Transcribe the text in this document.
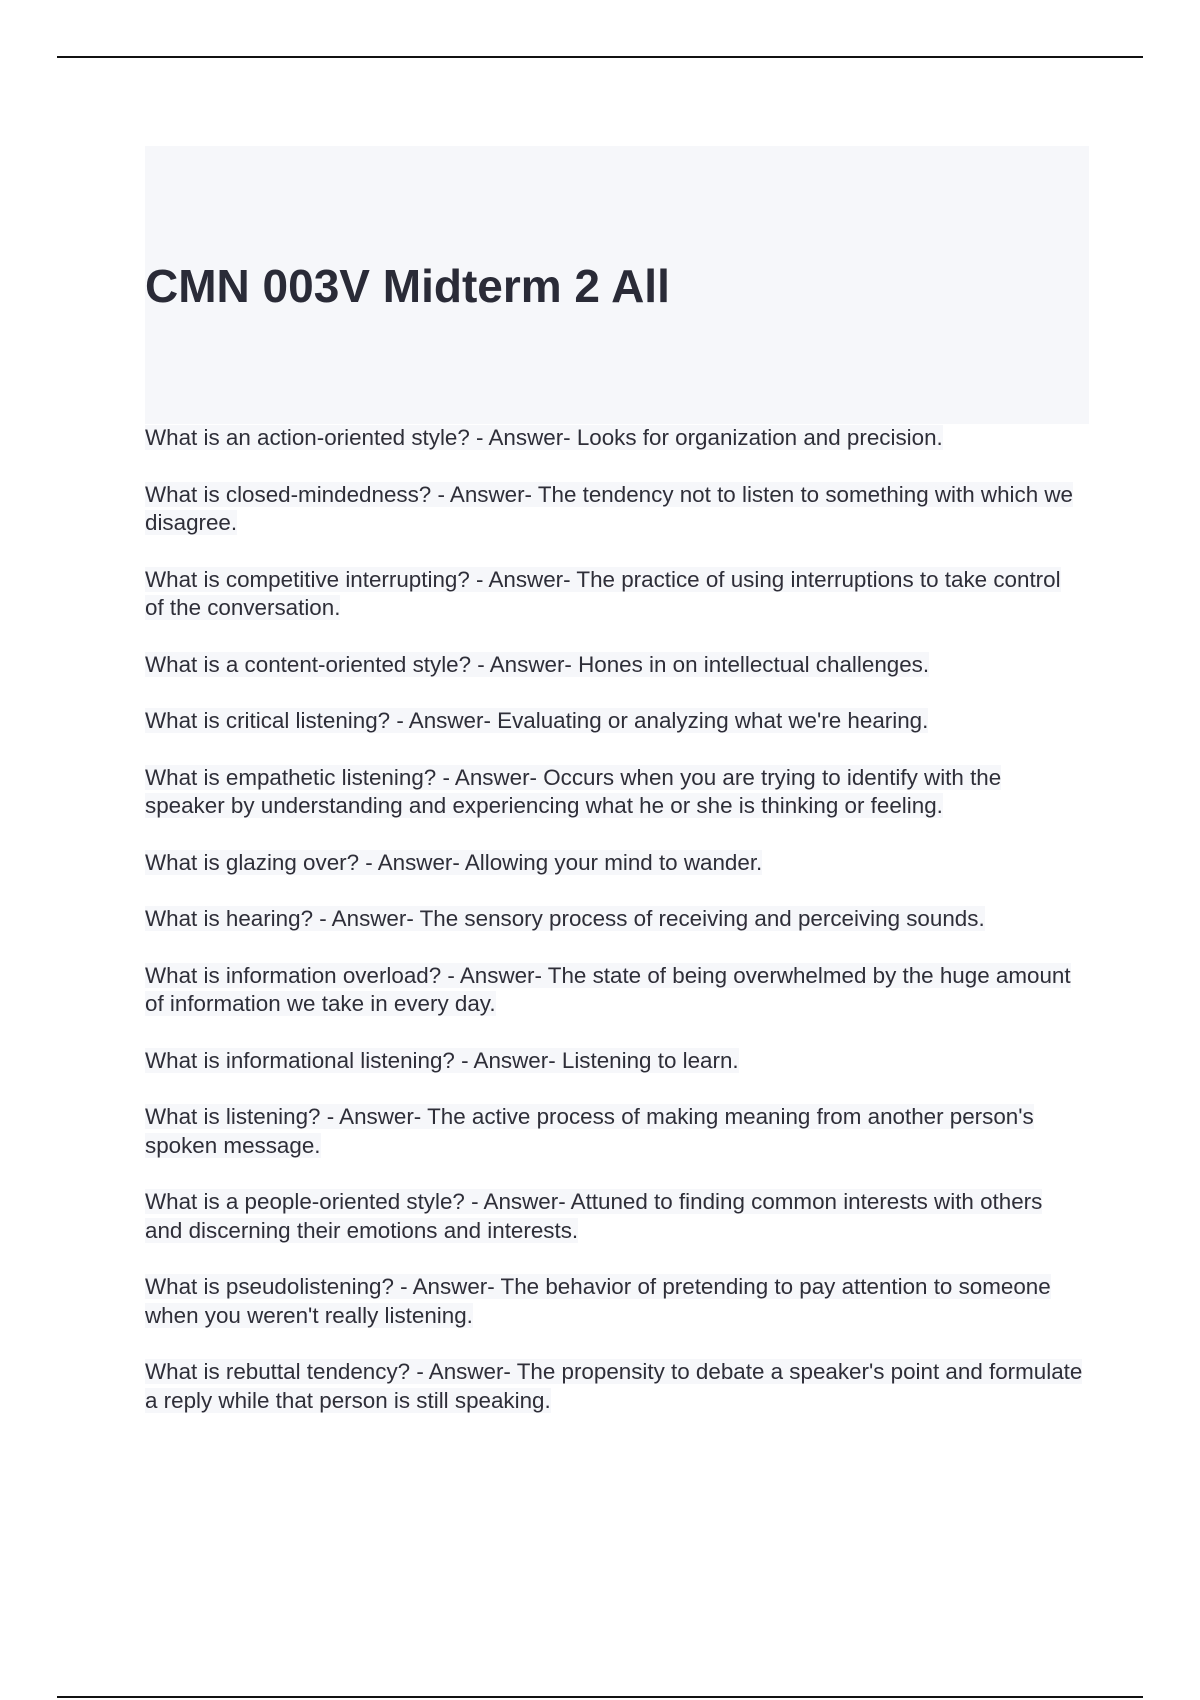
CMN 003V Midterm 2 All
What is an action-oriented style? - Answer- Looks for organization and precision.
What is closed-mindedness? - Answer- The tendency not to listen to something with which we disagree.
What is competitive interrupting? - Answer- The practice of using interruptions to take control of the conversation.
What is a content-oriented style? - Answer- Hones in on intellectual challenges.
What is critical listening? - Answer- Evaluating or analyzing what we're hearing.
What is empathetic listening? - Answer- Occurs when you are trying to identify with the speaker by understanding and experiencing what he or she is thinking or feeling.
What is glazing over? - Answer- Allowing your mind to wander.
What is hearing? - Answer- The sensory process of receiving and perceiving sounds.
What is information overload? - Answer- The state of being overwhelmed by the huge amount of information we take in every day.
What is informational listening? - Answer- Listening to learn.
What is listening? - Answer- The active process of making meaning from another person's spoken message.
What is a people-oriented style? - Answer- Attuned to finding common interests with others and discerning their emotions and interests.
What is pseudolistening? - Answer- The behavior of pretending to pay attention to someone when you weren't really listening.
What is rebuttal tendency? - Answer- The propensity to debate a speaker's point and formulate a reply while that person is still speaking.
